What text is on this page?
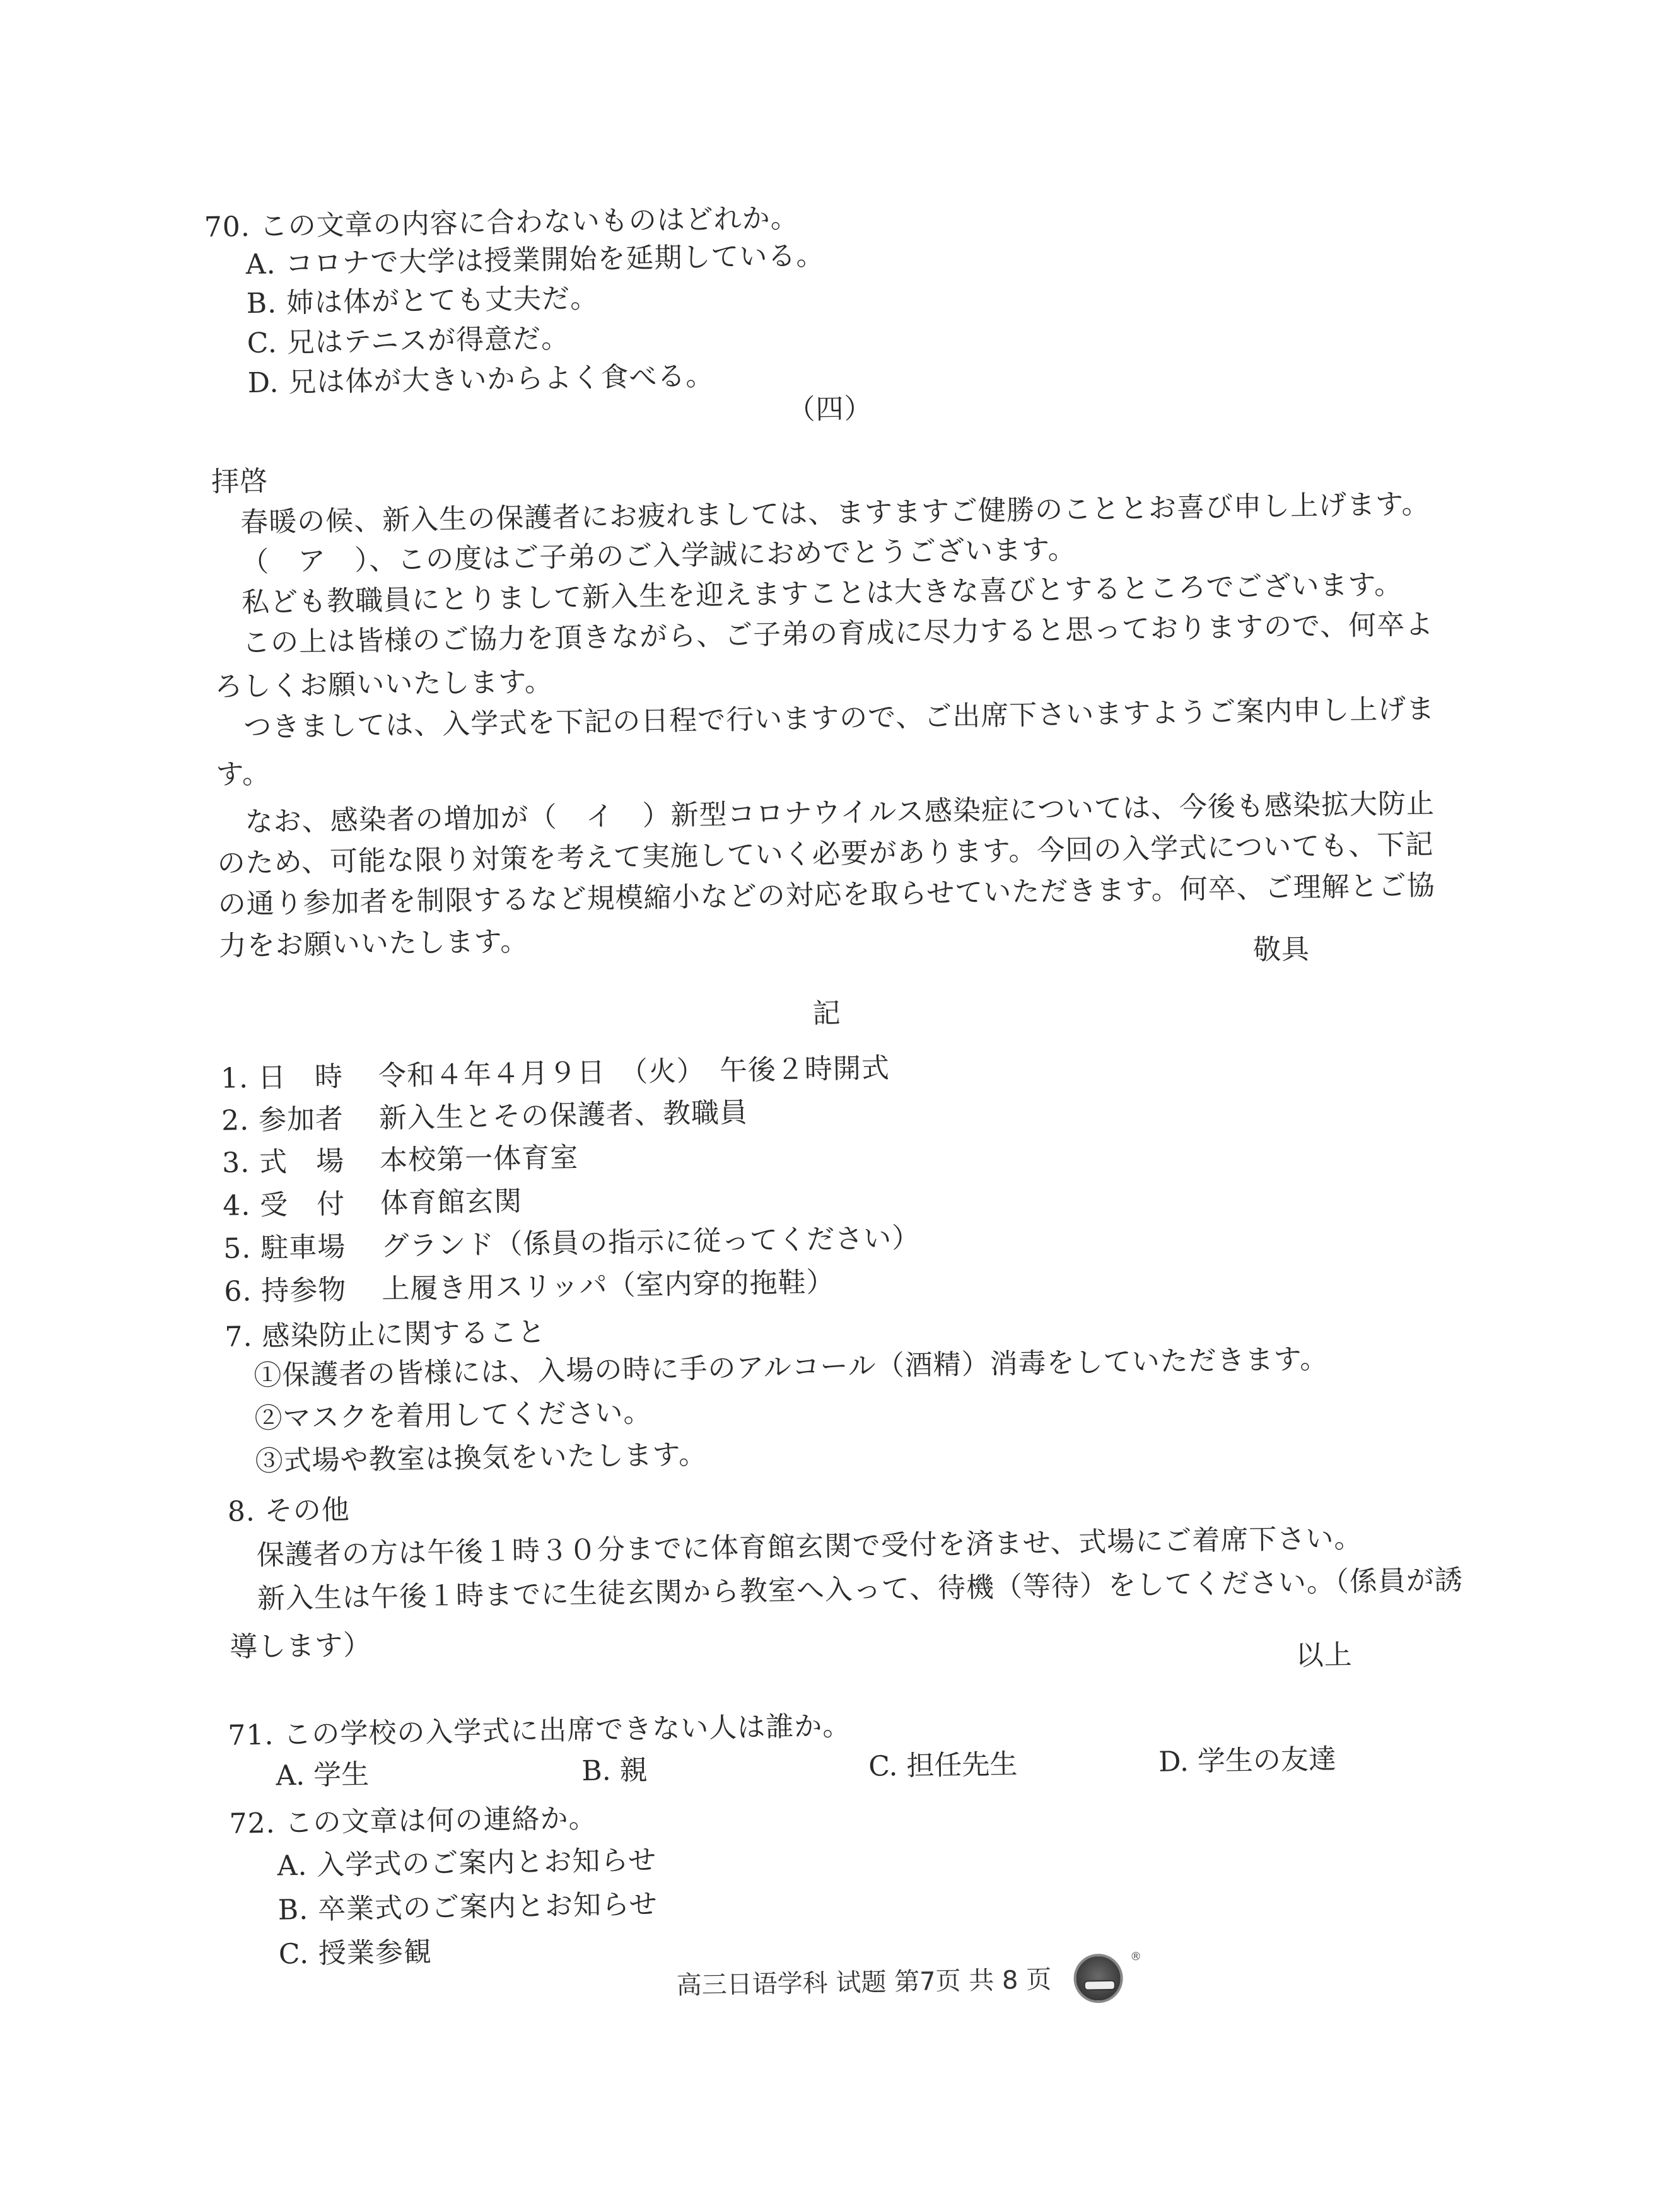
70. この文章の内容に合わないものはどれか。
A. コロナで大学は授業開始を延期している。
B. 姉は体がとても丈夫だ。
C. 兄はテニスが得意だ。
D. 兄は体が大きいからよく食べる。
（四）
拝啓
春暖の候、新入生の保護者にお疲れましては、ますますご健勝のこととお喜び申し上げます。
（　ア　）、この度はご子弟のご入学誠におめでとうございます。
私ども教職員にとりまして新入生を迎えますことは大きな喜びとするところでございます。
この上は皆様のご協力を頂きながら、ご子弟の育成に尽力すると思っておりますので、何卒よ
ろしくお願いいたします。
つきましては、入学式を下記の日程で行いますので、ご出席下さいますようご案内申し上げま
す。
なお、感染者の増加が（　イ　）新型コロナウイルス感染症については、今後も感染拡大防止
のため、可能な限り対策を考えて実施していく必要があります。今回の入学式についても、下記
の通り参加者を制限するなど規模縮小などの対応を取らせていただきます。何卒、ご理解とご協
力をお願いいたします。	敬具
記
1. 日　時 令和４年４月９日　（火）　午後２時開式
2. 参加者 新入生とその保護者、教職員
3. 式　場 本校第一体育室
4. 受　付 体育館玄関
5. 駐車場 グランド（係員の指示に従ってください）
6. 持参物 上履き用スリッパ（室内穿的拖鞋）
7. 感染防止に関すること
①保護者の皆様には、入場の時に手のアルコール（酒精）消毒をしていただきます。
②マスクを着用してください。
③式場や教室は換気をいたします。
8. その他
保護者の方は午後１時３０分までに体育館玄関で受付を済ませ、式場にご着席下さい。
新入生は午後１時までに生徒玄関から教室へ入って、待機（等待）をしてください。（係員が誘
導します）	以上
71. この学校の入学式に出席できない人は誰か。
A. 学生	B. 親	C. 担任先生	D. 学生の友達
72. この文章は何の連絡か。
A. 入学式のご案内とお知らせ
B. 卒業式のご案内とお知らせ
C. 授業参観
高三日语学科 试题 第7页 共 8 页
®
